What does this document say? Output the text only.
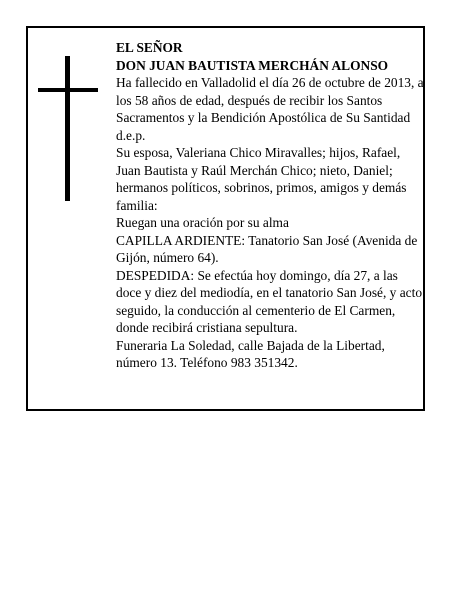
EL SEÑOR

DON JUAN BAUTISTA MERCHÁN ALONSO

Ha fallecido en Valladolid el día 26 de octubre de 2013, a los 58 años de edad, después de recibir los Santos Sacramentos y la Bendición Apostólica de Su Santidad d.e.p.

Su esposa, Valeriana Chico Miravalles; hijos, Rafael, Juan Bautista y Raúl Merchán Chico; nieto, Daniel; hermanos políticos, sobrinos, primos, amigos y demás familia:

Ruegan una oración por su alma

CAPILLA ARDIENTE: Tanatorio San José (Avenida de Gijón, número 64).

DESPEDIDA: Se efectúa hoy domingo, día 27, a las doce y diez del mediodía, en el tanatorio San José, y acto seguido, la conducción al cementerio de El Carmen, donde recibirá cristiana sepultura.

Funeraria La Soledad, calle Bajada de la Libertad, número 13. Teléfono 983 351342.
